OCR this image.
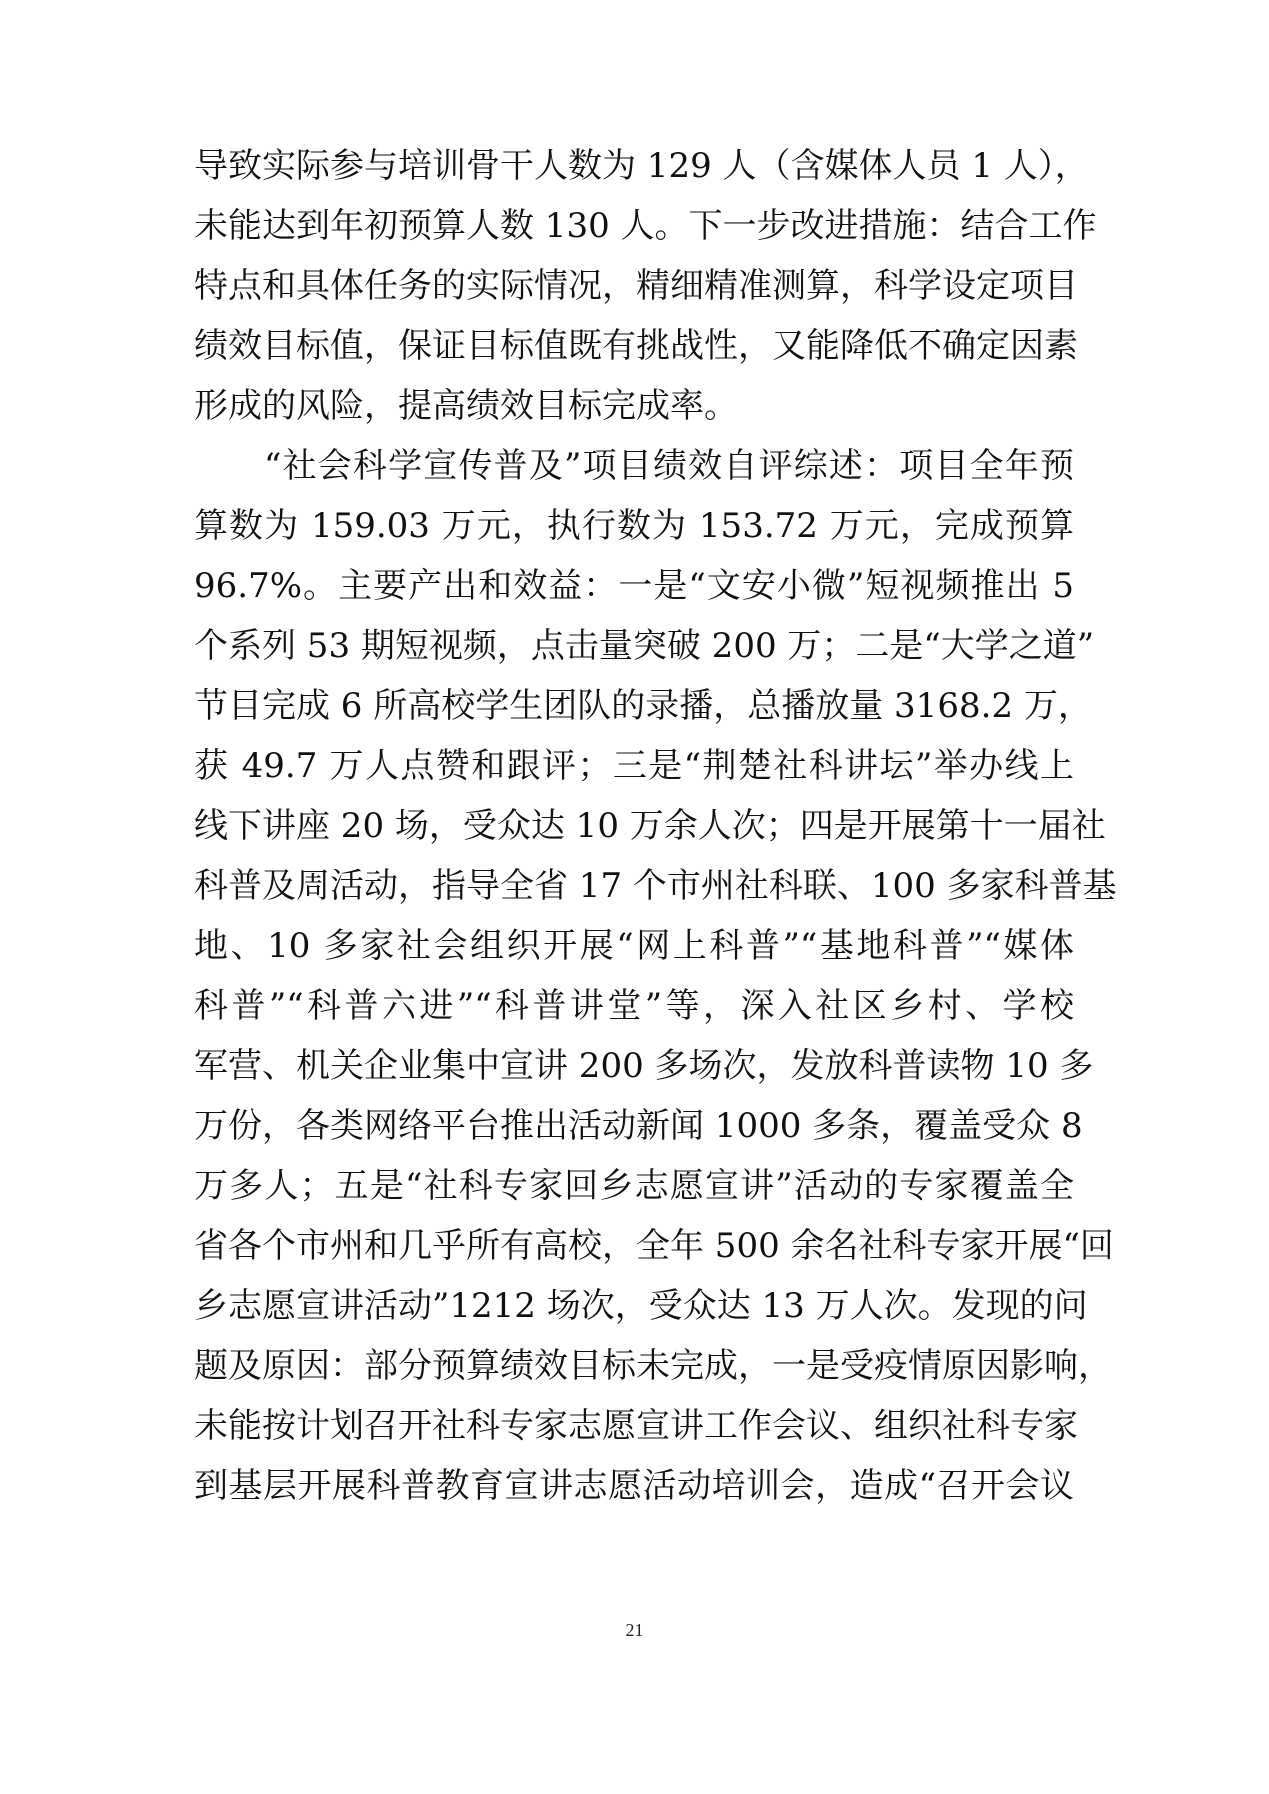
导致实际参与培训骨干人数为 129 人（含媒体人员 1 人），
未能达到年初预算人数 130 人。下一步改进措施：结合工作
特点和具体任务的实际情况，精细精准测算，科学设定项目
绩效目标值，保证目标值既有挑战性，又能降低不确定因素
形成的风险，提高绩效目标完成率。
“社会科学宣传普及”项目绩效自评综述：项目全年预
算数为 159.03 万元，执行数为 153.72 万元，完成预算
96.7%。主要产出和效益：一是“文安小微”短视频推出 5
个系列 53 期短视频，点击量突破 200 万；二是“大学之道”
节目完成 6 所高校学生团队的录播，总播放量 3168.2 万，
获 49.7 万人点赞和跟评；三是“荆楚社科讲坛”举办线上
线下讲座 20 场，受众达 10 万余人次；四是开展第十一届社
科普及周活动，指导全省 17 个市州社科联、100 多家科普基
地、10 多家社会组织开展“网上科普”“基地科普”“媒体
科普”“科普六进”“科普讲堂”等，深入社区乡村、学校
军营、机关企业集中宣讲 200 多场次，发放科普读物 10 多
万份，各类网络平台推出活动新闻 1000 多条，覆盖受众 8
万多人；五是“社科专家回乡志愿宣讲”活动的专家覆盖全
省各个市州和几乎所有高校，全年 500 余名社科专家开展“回
乡志愿宣讲活动”1212 场次，受众达 13 万人次。发现的问
题及原因：部分预算绩效目标未完成，一是受疫情原因影响，
未能按计划召开社科专家志愿宣讲工作会议、组织社科专家
到基层开展科普教育宣讲志愿活动培训会，造成“召开会议
21
